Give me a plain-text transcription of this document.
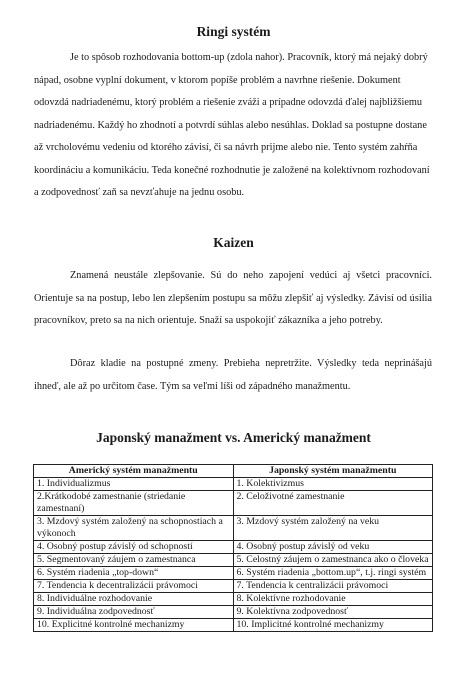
Ringi systém

Je to spôsob rozhodovania bottom-up (zdola nahor). Pracovník, ktorý má nejaký dobrý nápad, osobne vyplní dokument, v ktorom popíše problém a navrhne riešenie. Dokument odovzdá nadriadenému, ktorý problém a riešenie zváži a prípadne odovzdá ďalej najbližšiemu nadriadenému. Každý ho zhodnotí a potvrdí súhlas alebo nesúhlas. Doklad sa postupne dostane až vrcholovému vedeniu od ktorého závisí, či sa návrh prijme alebo nie. Tento systém zahŕňa koordináciu a komunikáciu. Teda konečné rozhodnutie je založené na kolektívnom rozhodovaní a zodpovednosť zaň sa nevzťahuje na jednu osobu.

Kaizen

Znamená neustále zlepšovanie. Sú do neho zapojení vedúci aj všetci pracovníci. Orientuje sa na postup, lebo len zlepšením postupu sa môžu zlepšiť aj výsledky. Závisí od úsilia pracovníkov, preto sa na nich orientuje. Snaží sa uspokojiť zákazníka a jeho potreby.

Dôraz kladie na postupné zmeny. Prebieha nepretržite. Výsledky teda neprinášajú ihneď, ale až po určitom čase. Tým sa veľmi líši od západného manažmentu.

Japonský manažment vs. Americký manažment
Americký systém manažmentu	Japonský systém manažmentu
1. Individualizmus	1. Kolektivizmus
2.Krátkodobé zamestnanie (striedanie zamestnaní)	2. Celoživotné zamestnanie
3. Mzdový systém založený na schopnostiach a výkonoch	3. Mzdový systém založený na veku
4. Osobný postup závislý od schopností	4. Osobný postup závislý od veku
5. Segmentovaný záujem o zamestnanca	5. Celostný záujem o zamestnanca ako o človeka
6. Systém riadenia „top-down“	6. Systém riadenia „bottom.up“, t.j. ringi systém
7. Tendencia k decentralizácii právomoci	7. Tendencia k centralizácii právomoci
8. Individuálne rozhodovanie	8. Kolektívne rozhodovanie
9. Individuálna zodpovednosť	9. Kolektívna zodpovednosť
10. Explicitné kontrolné mechanizmy	10. Implicitné kontrolné mechanizmy
